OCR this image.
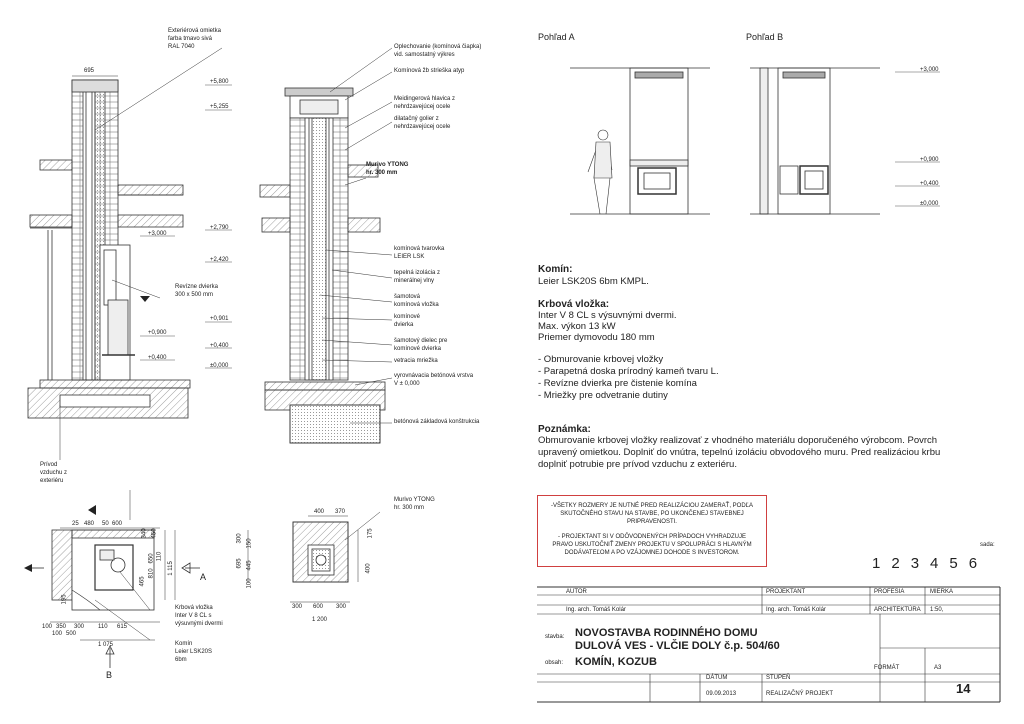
Exteriérová omietka
farba tmavo sivá
RAL 7040
695
+5,800
+5,255
+3,000
+2,790
+2,420
Revízne dvierka
300 x 500 mm
+0,901
+0,900
+0,400
+0,400
±0,000
Prívod
vzduchu z
exteriéru
Oplechovanie (komínová čiapka)
vid. samostatný výkres
Komínová žb strieška atyp
Meidingerová hlavica z
nehrdzavejúcej ocele
dilatačný golier z
nehrdzavejúcej ocele
Murivo YTONG
hr. 300 mm
komínová tvarovka
LEIER LSK
tepelná izolácia z
minerálnej vlny
šamotová
komínová vložka
komínové
dvierka
šamotový dielec pre
komínové dvierka
vetracia mriežka
vyrovnávacia betónová vrstva
V ± 0,000
betónová základová konštrukcia
Pohľad A	Pohľad B
+3,000
+0,900
+0,400
±0,000
Komín:
Leier LSK20S 6bm KMPL.
Krbová vložka:
Inter V 8 CL s výsuvnými dvermi.
Max. výkon 13 kW
Priemer dymovodu 180 mm
- Obmurovanie krbovej vložky
- Parapetná doska prírodný kameň tvaru L.
- Revízne dvierka pre čistenie komína
- Mriežky pre odvetranie dutiny
Poznámka:
Obmurovanie krbovej vložky realizovať z vhodného materiálu doporučeného výrobcom. Povrch
upravený omietkou. Doplniť do vnútra, tepelnú izoláciu obvodového muru. Pred realizáciou krbu
doplniť potrubie pre prívod vzduchu z exteriéru.
-VŠETKY ROZMERY JE NUTNÉ PRED REALIZÁCIOU ZAMERAŤ, PODĽA
SKUTOČNÉHO STAVU NA STAVBE, PO UKONČENEJ STAVEBNEJ
PRIPRAVENOSTI.
- PROJEKTANT SI V ODÔVODNENÝCH PRÍPADOCH VYHRADZUJE
PRAVO USKUTOČNIŤ ZMENY PROJEKTU V SPOLUPRÁCI S HLAVNÝM
DODÁVATEĽOM A PO VZÁJOMNEJ DOHODE S INVESTOROM.
sada:
1 2 3 4 5 6
Murivo YTONG
hr. 300 mm
Krbová vložka
Inter V 8 CL s
výsuvnými dvermi
Komín
Leier LSK20S
6bm
A
B
25 480 50 600
340 450
650 110
810
465
1 115
195
100 350 300 110 615
100 500
1 075
400 370
300 150
695 445
100
175
400
300 600 300
1 200
AUTOR
Ing. arch. Tomáš Kolár
PROJEKTANT
Ing. arch. Tomáš Kolár
PROFESIA
ARCHITEKTÚRA
MIERKA
1:50,
stavba: NOVOSTAVBA RODINNÉHO DOMU
DULOVÁ VES - VLČIE DOLY č.p. 504/60
obsah: KOMÍN, KOZUB	FORMÁT	A3
DÁTUM
09.09.2013
STUPEŇ
REALIZAČNÝ PROJEKT	14
